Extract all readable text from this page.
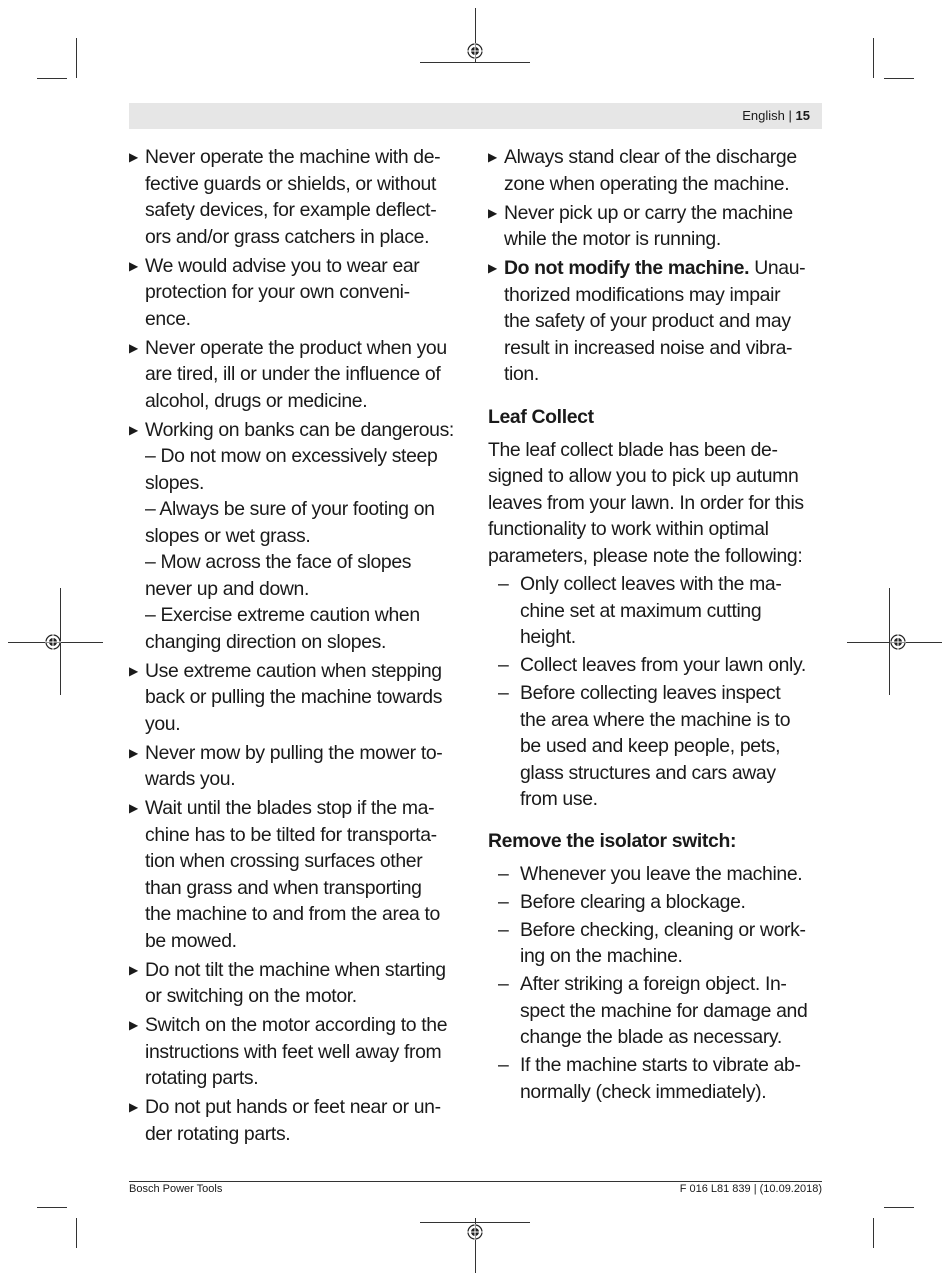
English | 15
▶ Never operate the machine with de-
fective guards or shields, or without
safety devices, for example deflect-
ors and/or grass catchers in place.
▶ We would advise you to wear ear
protection for your own conveni-
ence.
▶ Never operate the product when you
are tired, ill or under the influence of
alcohol, drugs or medicine.
▶ Working on banks can be dangerous:
– Do not mow on excessively steep
slopes.
– Always be sure of your footing on
slopes or wet grass.
– Mow across the face of slopes
never up and down.
– Exercise extreme caution when
changing direction on slopes.
▶ Use extreme caution when stepping
back or pulling the machine towards
you.
▶ Never mow by pulling the mower to-
wards you.
▶ Wait until the blades stop if the ma-
chine has to be tilted for transporta-
tion when crossing surfaces other
than grass and when transporting
the machine to and from the area to
be mowed.
▶ Do not tilt the machine when starting
or switching on the motor.
▶ Switch on the motor according to the
instructions with feet well away from
rotating parts.
▶ Do not put hands or feet near or un-
der rotating parts.
▶ Always stand clear of the discharge
zone when operating the machine.
▶ Never pick up or carry the machine
while the motor is running.
▶ Do not modify the machine. Unau-
thorized modifications may impair
the safety of your product and may
result in increased noise and vibra-
tion.
Leaf Collect
The leaf collect blade has been de-
signed to allow you to pick up autumn
leaves from your lawn. In order for this
functionality to work within optimal
parameters, please note the following:
– Only collect leaves with the ma-
chine set at maximum cutting
height.
– Collect leaves from your lawn only.
– Before collecting leaves inspect
the area where the machine is to
be used and keep people, pets,
glass structures and cars away
from use.
Remove the isolator switch:
– Whenever you leave the machine.
– Before clearing a blockage.
– Before checking, cleaning or work-
ing on the machine.
– After striking a foreign object. In-
spect the machine for damage and
change the blade as necessary.
– If the machine starts to vibrate ab-
normally (check immediately).
Bosch Power Tools	F 016 L81 839 | (10.09.2018)
